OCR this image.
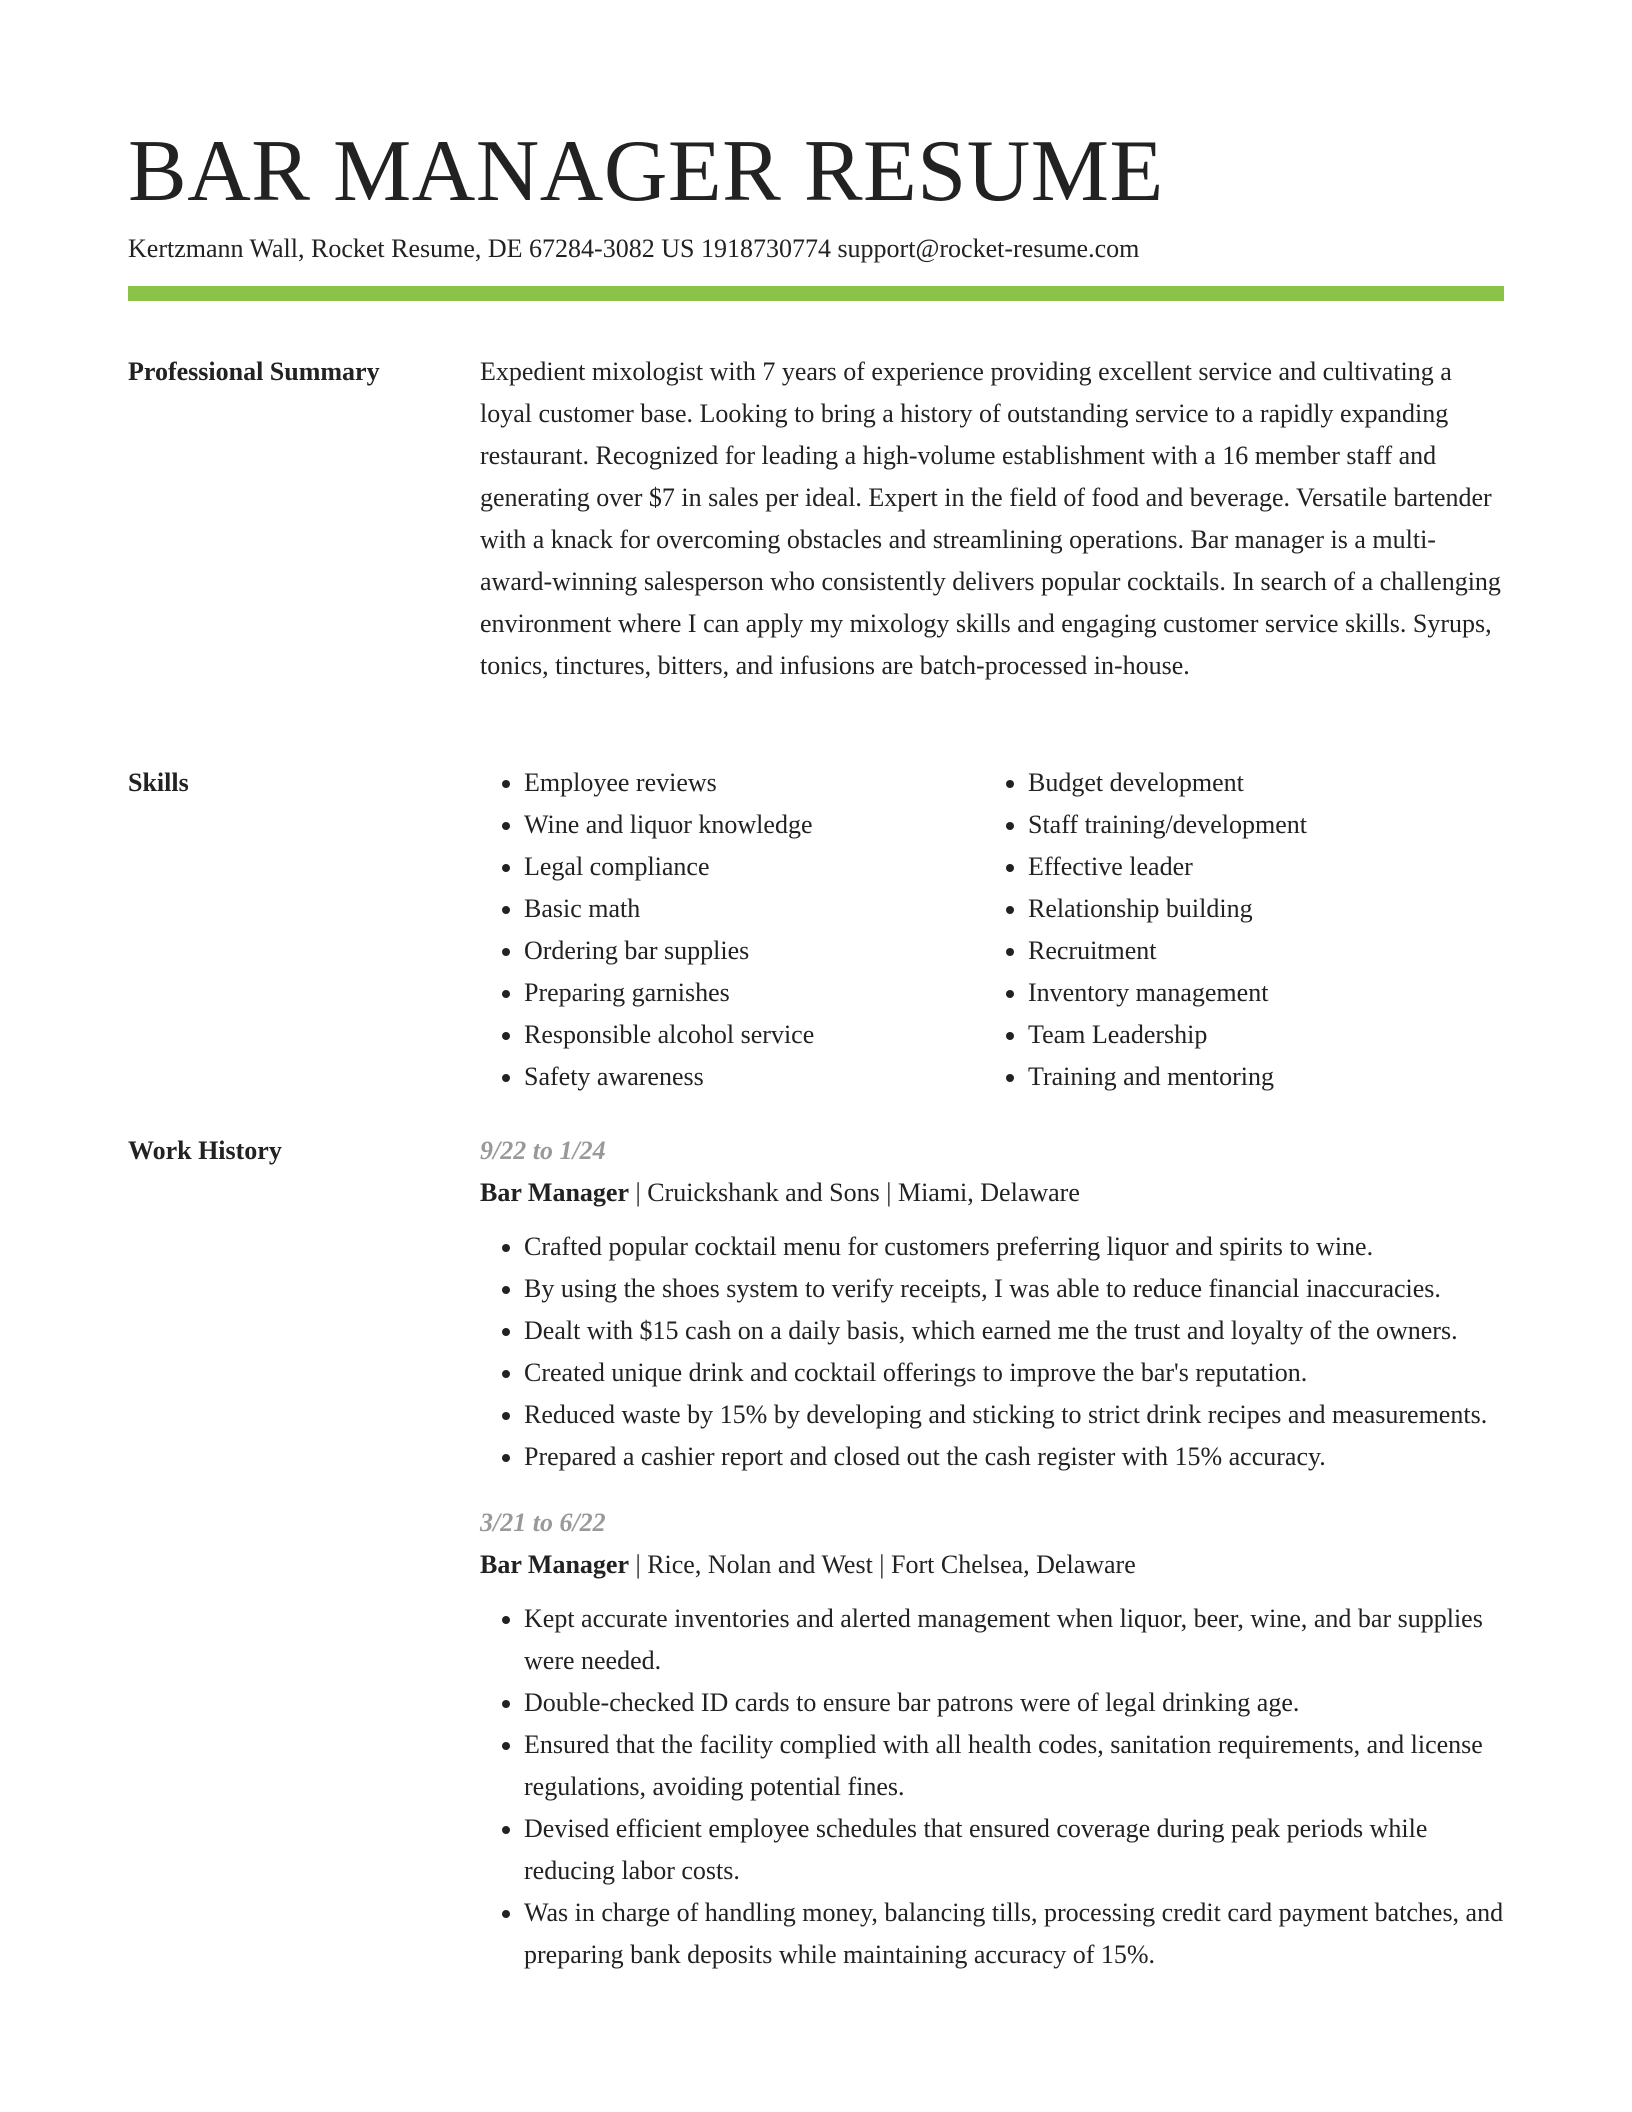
BAR MANAGER RESUME
Kertzmann Wall, Rocket Resume, DE 67284-3082 US 1918730774 support@rocket-resume.com
Professional Summary	Expedient mixologist with 7 years of experience providing excellent service and cultivating a loyal customer base. Looking to bring a history of outstanding service to a rapidly expanding restaurant. Recognized for leading a high-volume establishment with a 16 member staff and generating over $7 in sales per ideal. Expert in the field of food and beverage. Versatile bartender with a knack for overcoming obstacles and streamlining operations. Bar manager is a multi-award-winning salesperson who consistently delivers popular cocktails. In search of a challenging environment where I can apply my mixology skills and engaging customer service skills. Syrups, tonics, tinctures, bitters, and infusions are batch-processed in-house.

Skills
•	Employee reviews
• Wine and liquor knowledge
• Legal compliance
• Basic math
• Ordering bar supplies
• Preparing garnishes
• Responsible alcohol service
• Safety awareness
• Budget development
• Staff training/development
• Effective leader
• Relationship building
• Recruitment
• Inventory management
• Team Leadership
• Training and mentoring
Work History	9/22 to 1/24
Bar Manager | Cruickshank and Sons | Miami, Delaware
• Crafted popular cocktail menu for customers preferring liquor and spirits to wine.
• By using the shoes system to verify receipts, I was able to reduce financial inaccuracies.
• Dealt with $15 cash on a daily basis, which earned me the trust and loyalty of the owners.
• Created unique drink and cocktail offerings to improve the bar's reputation.
• Reduced waste by 15% by developing and sticking to strict drink recipes and measurements.
• Prepared a cashier report and closed out the cash register with 15% accuracy.
3/21 to 6/22
Bar Manager | Rice, Nolan and West | Fort Chelsea, Delaware
• Kept accurate inventories and alerted management when liquor, beer, wine, and bar supplies were needed.
• Double-checked ID cards to ensure bar patrons were of legal drinking age.
• Ensured that the facility complied with all health codes, sanitation requirements, and license regulations, avoiding potential fines.
• Devised efficient employee schedules that ensured coverage during peak periods while reducing labor costs.
• Was in charge of handling money, balancing tills, processing credit card payment batches, and preparing bank deposits while maintaining accuracy of 15%.
